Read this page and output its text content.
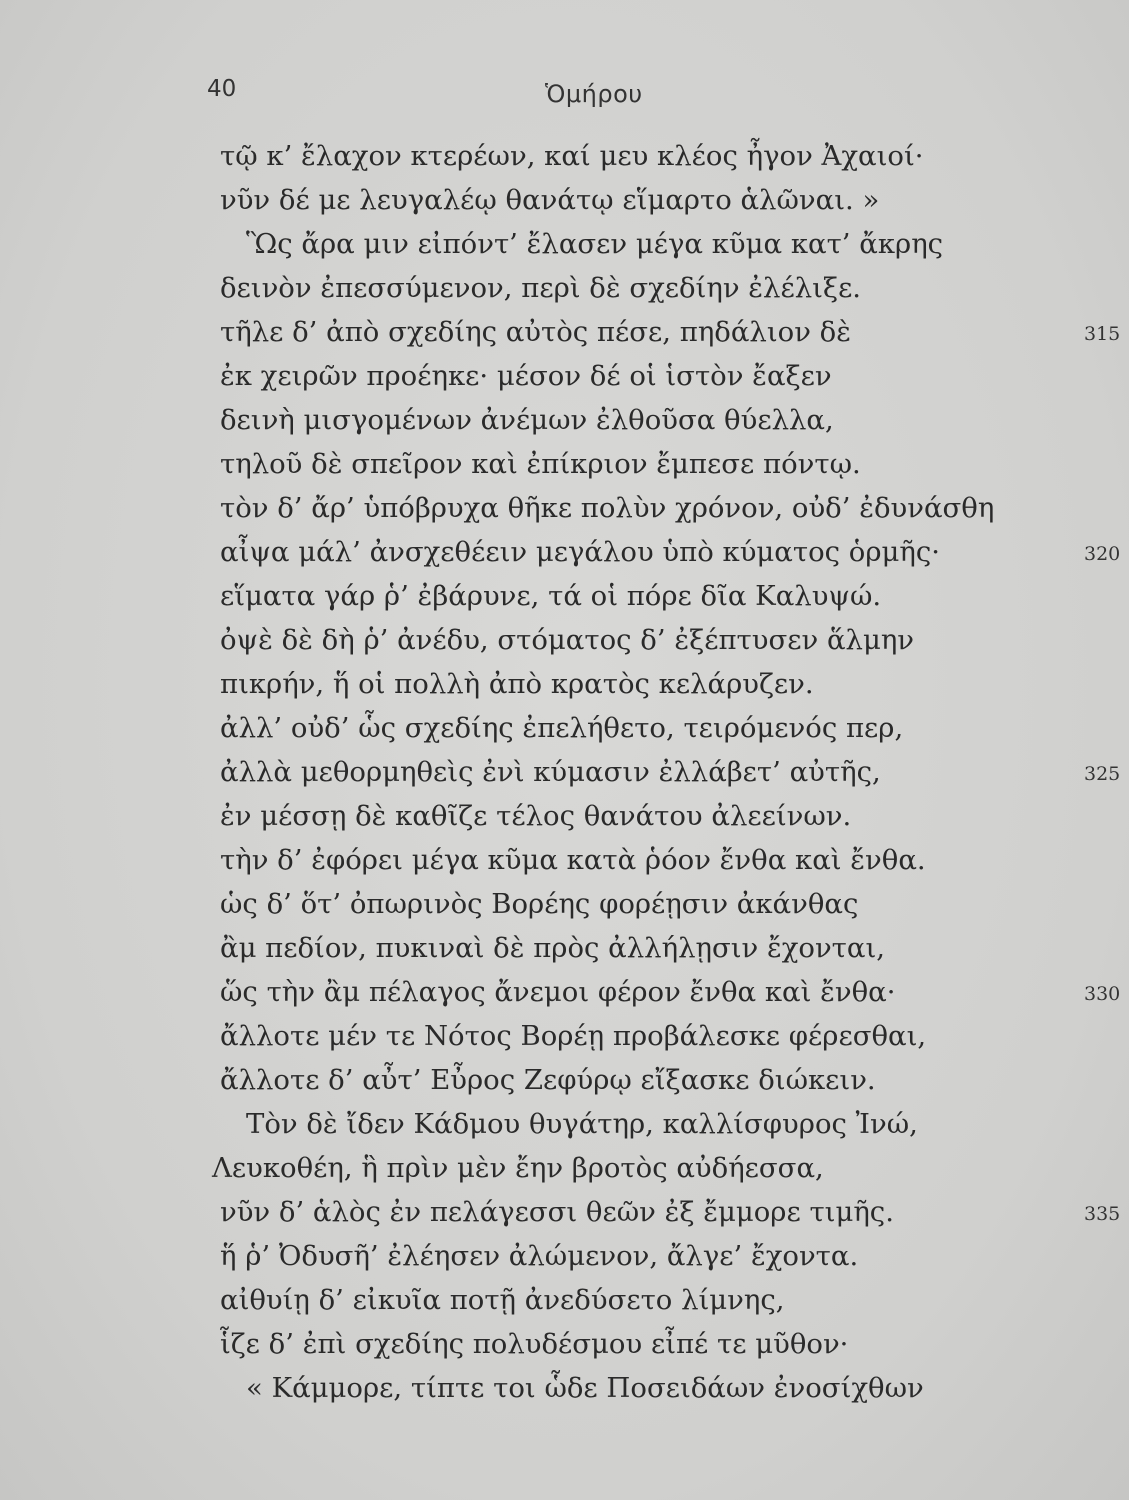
40	Ὁμήρου
τῷ κ’ ἔλαχον κτερέων, καί μευ κλέος ἦγον Ἀχαιοί·
νῦν δέ με λευγαλέῳ θανάτῳ εἵμαρτο ἁλῶναι. »
Ὣς ἄρα μιν εἰπόντ’ ἔλασεν μέγα κῦμα κατ’ ἄκρης
δεινὸν ἐπεσσύμενον, περὶ δὲ σχεδίην ἐλέλιξε.
τῆλε δ’ ἀπὸ σχεδίης αὐτὸς πέσε, πηδάλιον δὲ	315
ἐκ χειρῶν προέηκε· μέσον δέ οἱ ἱστὸν ἔαξεν
δεινὴ μισγομένων ἀνέμων ἐλθοῦσα θύελλα,
τηλοῦ δὲ σπεῖρον καὶ ἐπίκριον ἔμπεσε πόντῳ.
τὸν δ’ ἄρ’ ὑπόβρυχα θῆκε πολὺν χρόνον, οὐδ’ ἐδυνάσθη
αἶψα μάλ’ ἀνσχεθέειν μεγάλου ὑπὸ κύματος ὁρμῆς·	320
εἵματα γάρ ῥ’ ἐβάρυνε, τά οἱ πόρε δῖα Καλυψώ.
ὀψὲ δὲ δὴ ῥ’ ἀνέδυ, στόματος δ’ ἐξέπτυσεν ἅλμην
πικρήν, ἥ οἱ πολλὴ ἀπὸ κρατὸς κελάρυζεν.
ἀλλ’ οὐδ’ ὧς σχεδίης ἐπελήθετο, τειρόμενός περ,
ἀλλὰ μεθορμηθεὶς ἐνὶ κύμασιν ἐλλάβετ’ αὐτῆς,	325
ἐν μέσσῃ δὲ καθῖζε τέλος θανάτου ἀλεείνων.
τὴν δ’ ἐφόρει μέγα κῦμα κατὰ ῥόον ἔνθα καὶ ἔνθα.
ὡς δ’ ὅτ’ ὀπωρινὸς Βορέης φορέῃσιν ἀκάνθας
ἂμ πεδίον, πυκιναὶ δὲ πρὸς ἀλλήλῃσιν ἔχονται,
ὥς τὴν ἂμ πέλαγος ἄνεμοι φέρον ἔνθα καὶ ἔνθα·	330
ἄλλοτε μέν τε Νότος Βορέῃ προβάλεσκε φέρεσθαι,
ἄλλοτε δ’ αὖτ’ Εὖρος Ζεφύρῳ εἴξασκε διώκειν.
Τὸν δὲ ἴδεν Κάδμου θυγάτηρ, καλλίσφυρος Ἰνώ,
Λευκοθέη, ἣ πρὶν μὲν ἔην βροτὸς αὐδήεσσα,
νῦν δ’ ἁλὸς ἐν πελάγεσσι θεῶν ἐξ ἔμμορε τιμῆς.	335
ἥ ῥ’ Ὀδυσῆ’ ἐλέησεν ἀλώμενον, ἄλγε’ ἔχοντα.
αἰθυίῃ δ’ εἰκυῖα ποτῇ ἀνεδύσετο λίμνης,
ἷζε δ’ ἐπὶ σχεδίης πολυδέσμου εἶπέ τε μῦθον·
« Κάμμορε, τίπτε τοι ὧδε Ποσειδάων ἐνοσίχθων
